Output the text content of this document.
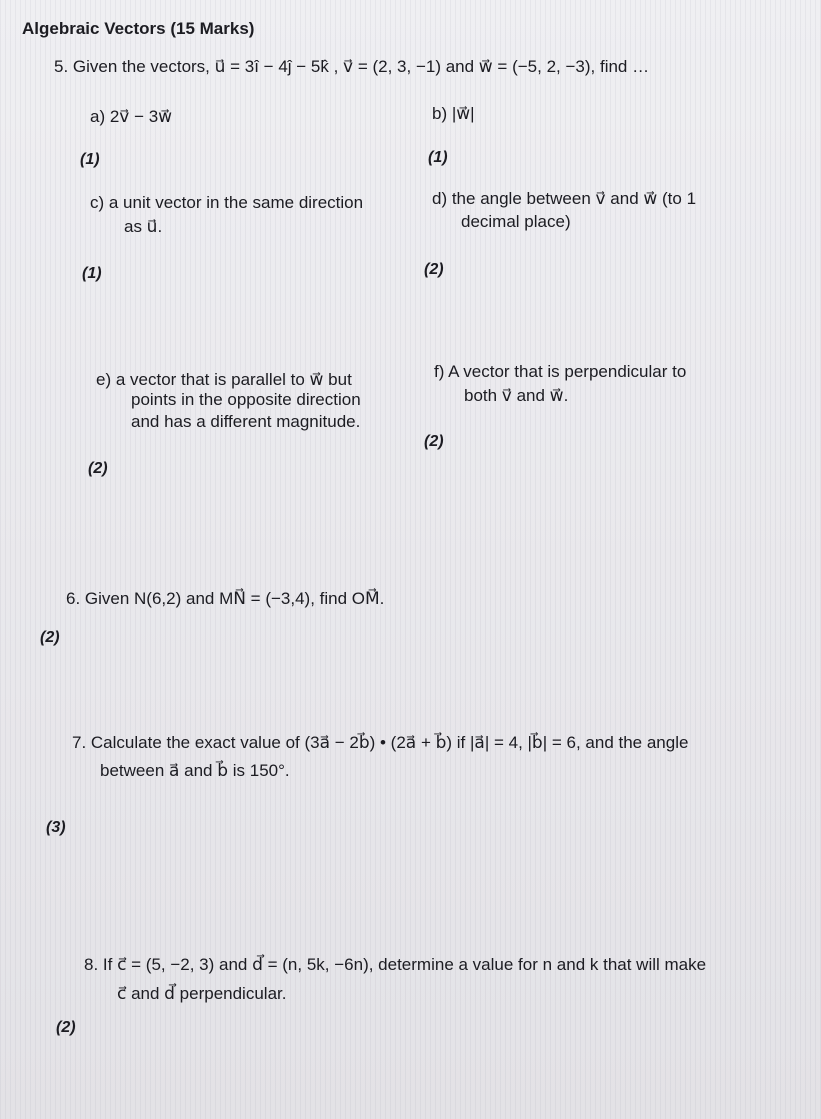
Algebraic Vectors (15 Marks)
5. Given the vectors, u⃗ = 3î − 4ĵ − 5k̂ , v⃗ = (2, 3, −1) and w⃗ = (−5, 2, −3), find …
a) 2v⃗ − 3w⃗	b) |w⃗|
(1)	(1)
c) a unit vector in the same direction
as u⃗.
d) the angle between v⃗ and w⃗ (to 1
decimal place)
(1)	(2)
e) a vector that is parallel to w⃗ but
points in the opposite direction
and has a different magnitude.
f) A vector that is perpendicular to
both v⃗ and w⃗.
(2)
(2)
6. Given N(6,2) and MN⃗ = (−3,4), find OM⃗.
(2)
7. Calculate the exact value of (3a⃗ − 2b⃗) • (2a⃗ + b⃗) if |a⃗| = 4, |b⃗| = 6, and the angle
between a⃗ and b⃗ is 150°.
(3)
8. If c⃗ = (5, −2, 3) and d⃗ = (n, 5k, −6n), determine a value for n and k that will make
c⃗ and d⃗ perpendicular.
(2)
